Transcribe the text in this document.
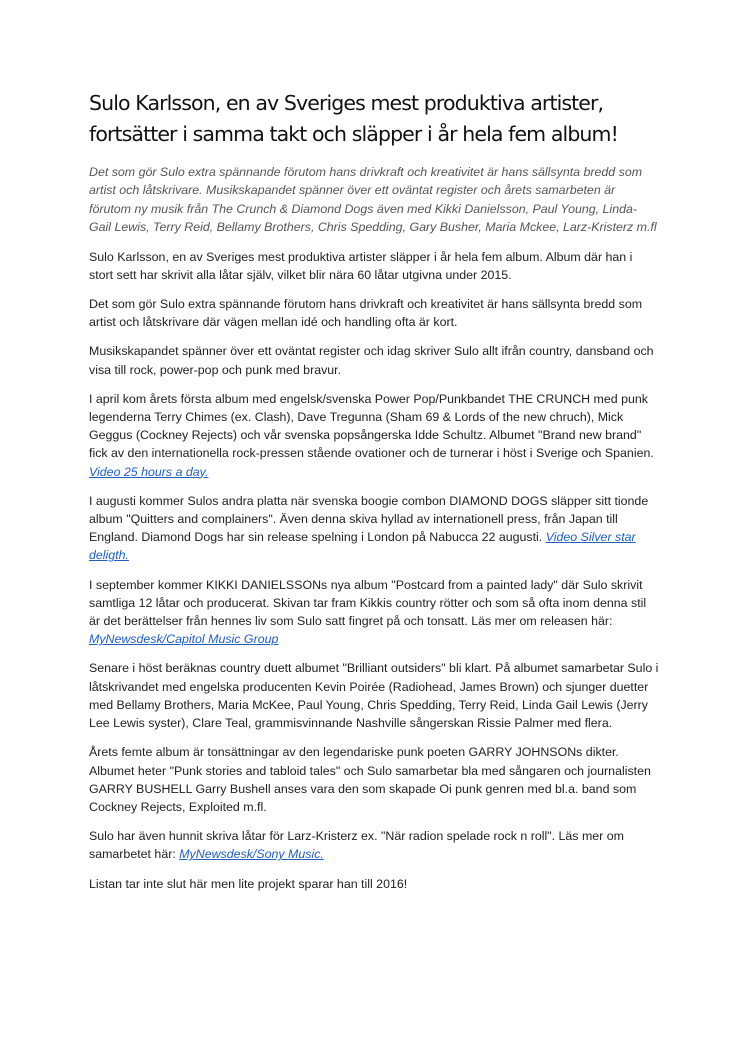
Sulo Karlsson, en av Sveriges mest produktiva artister, fortsätter i samma takt och släpper i år hela fem album!

Det som gör Sulo extra spännande förutom hans drivkraft och kreativitet är hans sällsynta bredd som artist och låtskrivare. Musikskapandet spänner över ett oväntat register och årets samarbeten är förutom ny musik från The Crunch & Diamond Dogs även med Kikki Danielsson, Paul Young, Linda-Gail Lewis, Terry Reid, Bellamy Brothers, Chris Spedding, Gary Busher, Maria Mckee, Larz-Kristerz m.fl

Sulo Karlsson, en av Sveriges mest produktiva artister släpper i år hela fem album. Album där han i stort sett har skrivit alla låtar själv, vilket blir nära 60 låtar utgivna under 2015.

Det som gör Sulo extra spännande förutom hans drivkraft och kreativitet är hans sällsynta bredd som artist och låtskrivare där vägen mellan idé och handling ofta är kort.

Musikskapandet spänner över ett oväntat register och idag skriver Sulo allt ifrån country, dansband och visa till rock, power-pop och punk med bravur.

I april kom årets första album med engelsk/svenska Power Pop/Punkbandet THE CRUNCH med punk legenderna Terry Chimes (ex. Clash), Dave Tregunna (Sham 69 & Lords of the new chruch), Mick Geggus (Cockney Rejects) och vår svenska popsångerska Idde Schultz. Albumet "Brand new brand" fick av den internationella rock-pressen stående ovationer och de turnerar i höst i Sverige och Spanien. Video 25 hours a day.

I augusti kommer Sulos andra platta när svenska boogie combon DIAMOND DOGS släpper sitt tionde album "Quitters and complainers". Även denna skiva hyllad av internationell press, från Japan till England. Diamond Dogs har sin release spelning i London på Nabucca 22 augusti. Video Silver star deligth.

I september kommer KIKKI DANIELSSONs nya album "Postcard from a painted lady" där Sulo skrivit samtliga 12 låtar och producerat. Skivan tar fram Kikkis country rötter och som så ofta inom denna stil är det berättelser från hennes liv som Sulo satt fingret på och tonsatt. Läs mer om releasen här: MyNewsdesk/Capitol Music Group

Senare i höst beräknas country duett albumet "Brilliant outsiders" bli klart. På albumet samarbetar Sulo i låtskrivandet med engelska producenten Kevin Poirée (Radiohead, James Brown) och sjunger duetter med Bellamy Brothers, Maria McKee, Paul Young, Chris Spedding, Terry Reid, Linda Gail Lewis (Jerry Lee Lewis syster), Clare Teal, grammisvinnande Nashville sångerskan Rissie Palmer med flera.

Årets femte album är tonsättningar av den legendariske punk poeten GARRY JOHNSONs dikter. Albumet heter "Punk stories and tabloid tales" och Sulo samarbetar bla med sångaren och journalisten GARRY BUSHELL Garry Bushell anses vara den som skapade Oi punk genren med bl.a. band som Cockney Rejects, Exploited m.fl.

Sulo har även hunnit skriva låtar för Larz-Kristerz ex. "När radion spelade rock n roll". Läs mer om samarbetet här: MyNewsdesk/Sony Music.

Listan tar inte slut här men lite projekt sparar han till 2016!
